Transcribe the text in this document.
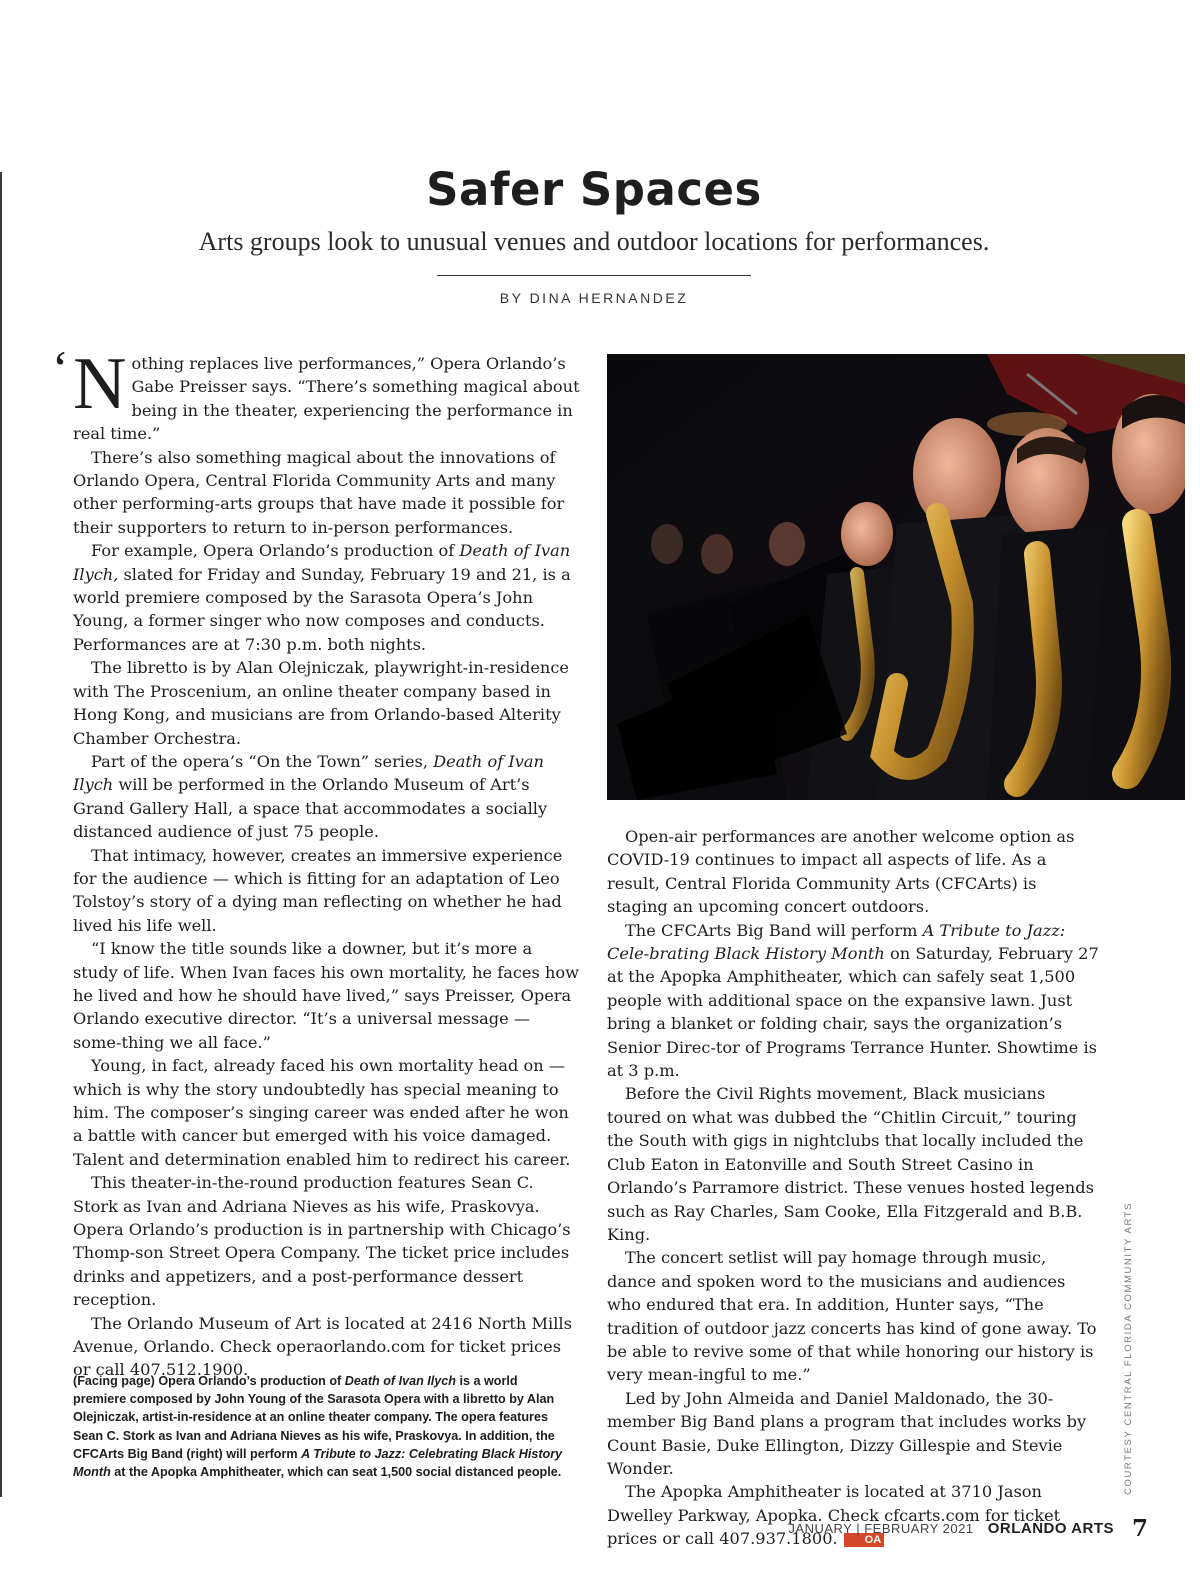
Safer Spaces
Arts groups look to unusual venues and outdoor locations for performances.
BY DINA HERNANDEZ
‘ Nothing replaces live performances,” Opera Orlando’s Gabe Preisser says. “There’s something magical about being in the theater, experiencing the performance in real time.”

There’s also something magical about the innovations of Orlando Opera, Central Florida Community Arts and many other performing-arts groups that have made it possible for their supporters to return to in-person performances.

For example, Opera Orlando’s production of Death of Ivan Ilych, slated for Friday and Sunday, February 19 and 21, is a world premiere composed by the Sarasota Opera’s John Young, a former singer who now composes and conducts. Performances are at 7:30 p.m. both nights.

The libretto is by Alan Olejniczak, playwright-in-residence with The Proscenium, an online theater company based in Hong Kong, and musicians are from Orlando-based Alterity Chamber Orchestra.

Part of the opera’s “On the Town” series, Death of Ivan Ilych will be performed in the Orlando Museum of Art’s Grand Gallery Hall, a space that accommodates a socially distanced audience of just 75 people.

That intimacy, however, creates an immersive experience for the audience — which is fitting for an adaptation of Leo Tolstoy’s story of a dying man reflecting on whether he had lived his life well.

“I know the title sounds like a downer, but it’s more a study of life. When Ivan faces his own mortality, he faces how he lived and how he should have lived,” says Preisser, Opera Orlando executive director. “It’s a universal message — some-thing we all face.”

Young, in fact, already faced his own mortality head on — which is why the story undoubtedly has special meaning to him. The composer’s singing career was ended after he won a battle with cancer but emerged with his voice damaged. Talent and determination enabled him to redirect his career.

This theater-in-the-round production features Sean C. Stork as Ivan and Adriana Nieves as his wife, Praskovya. Opera Orlando’s production is in partnership with Chicago’s Thomp-son Street Opera Company. The ticket price includes drinks and appetizers, and a post-performance dessert reception.

The Orlando Museum of Art is located at 2416 North Mills Avenue, Orlando. Check operaorlando.com for ticket prices or call 407.512.1900.

(Facing page) Opera Orlando’s production of Death of Ivan Ilych is a world premiere composed by John Young of the Sarasota Opera with a libretto by Alan Olejniczak, artist-in-residence at an online theater company. The opera features Sean C. Stork as Ivan and Adriana Nieves as his wife, Praskovya. In addition, the CFCArts Big Band (right) will perform A Tribute to Jazz: Celebrating Black History Month at the Apopka Amphitheater, which can seat 1,500 social distanced people.

Open-air performances are another welcome option as COVID-19 continues to impact all aspects of life. As a result, Central Florida Community Arts (CFCArts) is staging an upcoming concert outdoors.

The CFCArts Big Band will perform A Tribute to Jazz: Cele-brating Black History Month on Saturday, February 27 at the Apopka Amphitheater, which can safely seat 1,500 people with additional space on the expansive lawn. Just bring a blanket or folding chair, says the organization’s Senior Direc-tor of Programs Terrance Hunter. Showtime is at 3 p.m.

Before the Civil Rights movement, Black musicians toured on what was dubbed the “Chitlin Circuit,” touring the South with gigs in nightclubs that locally included the Club Eaton in Eatonville and South Street Casino in Orlando’s Parramore district. These venues hosted legends such as Ray Charles, Sam Cooke, Ella Fitzgerald and B.B. King.

The concert setlist will pay homage through music, dance and spoken word to the musicians and audiences who endured that era. In addition, Hunter says, “The tradition of outdoor jazz concerts has kind of gone away. To be able to revive some of that while honoring our history is very mean-ingful to me.”

Led by John Almeida and Daniel Maldonado, the 30-member Big Band plans a program that includes works by Count Basie, Duke Ellington, Dizzy Gillespie and Stevie Wonder.

The Apopka Amphitheater is located at 3710 Jason Dwelley Parkway, Apopka. Check cfcarts.com for ticket prices or call 407.937.1800. OA

COURTESY CENTRAL FLORIDA COMMUNITY ARTS
JANUARY | FEBRUARY 2021 ORLANDO ARTS 7
